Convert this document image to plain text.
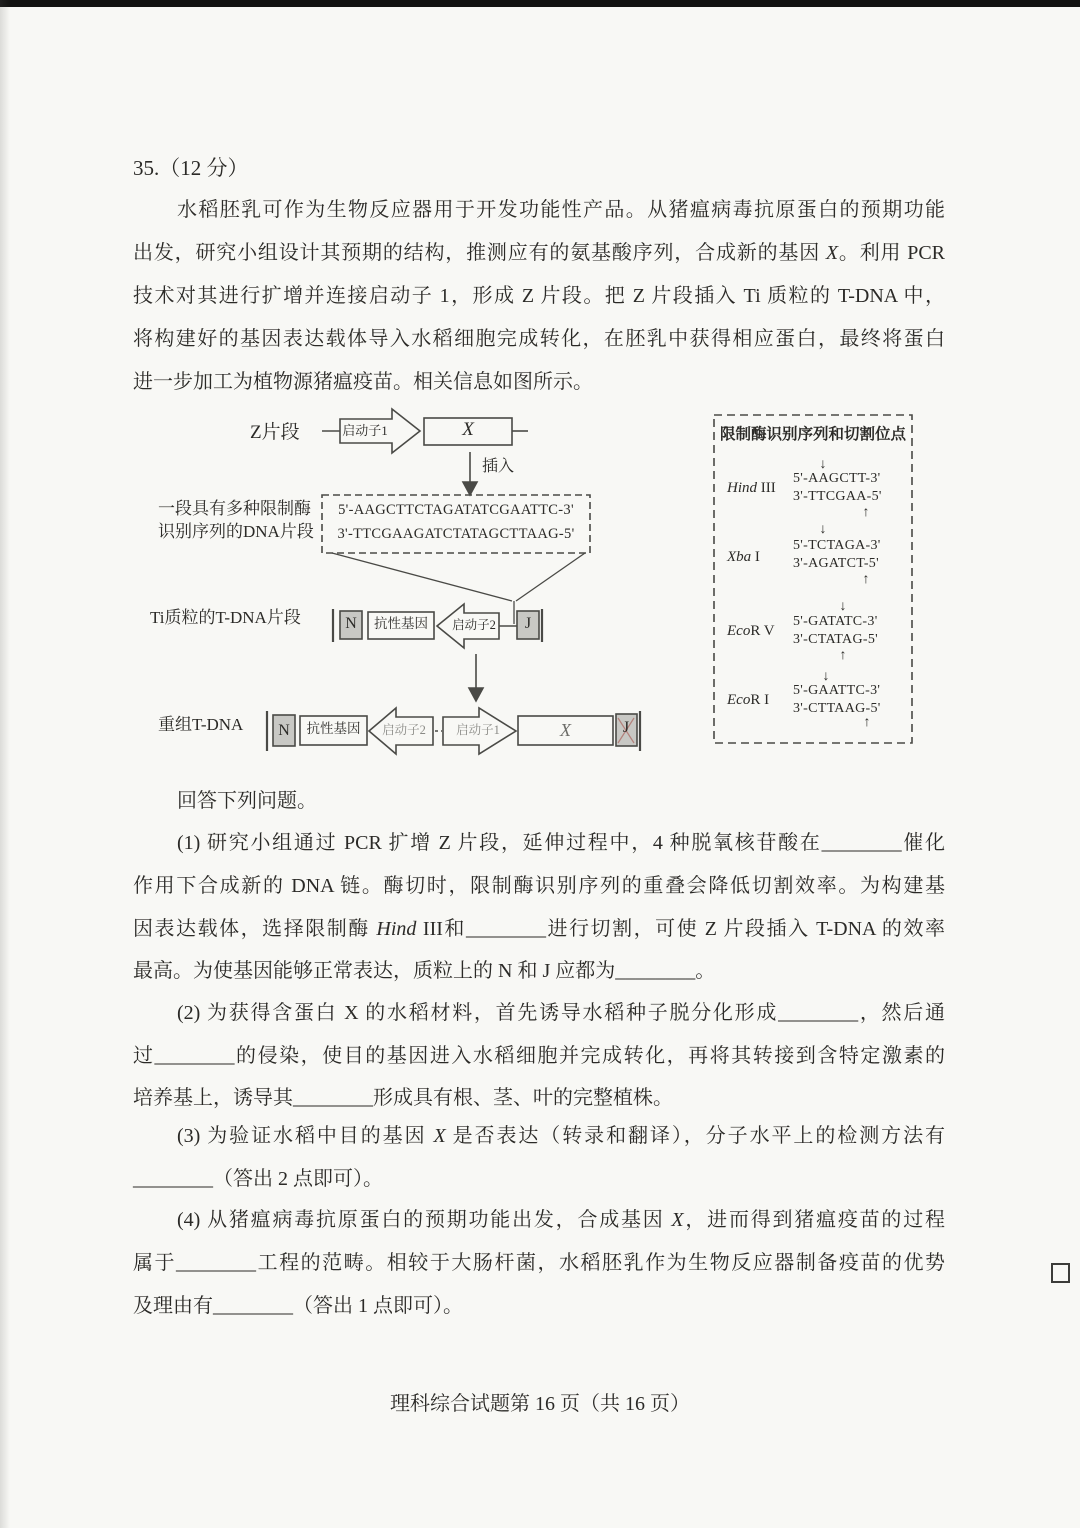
35.（12 分）
水稻胚乳可作为生物反应器用于开发功能性产品。从猪瘟病毒抗原蛋白的预期功能
出发，研究小组设计其预期的结构，推测应有的氨基酸序列，合成新的基因 X。利用 PCR
技术对其进行扩增并连接启动子 1，形成 Z 片段。把 Z 片段插入 Ti 质粒的 T-DNA 中，
将构建好的基因表达载体导入水稻细胞完成转化，在胚乳中获得相应蛋白，最终将蛋白
进一步加工为植物源猪瘟疫苗。相关信息如图所示。
Z片段	启动子1	X
插入
一段具有多种限制酶
识别序列的DNA片段
5'-AAGCTTCTAGATATCGAATTC-3'
3'-TTCGAAGATCTATAGCTTAAG-5'
Ti质粒的T-DNA片段	N	抗性基因	启动子2	J
重组T-DNA	N	抗性基因	启动子2	启动子1	X	J
限制酶识别序列和切割位点
↓
Hind III
5'-AAGCTT-3'
3'-TTCGAA-5'
↑
↓
Xba I
5'-TCTAGA-3'
3'-AGATCT-5'
↑
↓
EcoR V
5'-GATATC-3'
3'-CTATAG-5'
↑
↓
EcoR I
5'-GAATTC-3'
3'-CTTAAG-5'
↑
回答下列问题。
(1) 研究小组通过 PCR 扩增 Z 片段，延伸过程中，4 种脱氧核苷酸在________催化
作用下合成新的 DNA 链。酶切时，限制酶识别序列的重叠会降低切割效率。为构建基
因表达载体，选择限制酶 Hind III和________进行切割，可使 Z 片段插入 T-DNA 的效率
最高。为使基因能够正常表达，质粒上的 N 和 J 应都为________。
(2) 为获得含蛋白 X 的水稻材料，首先诱导水稻种子脱分化形成________，然后通
过________的侵染，使目的基因进入水稻细胞并完成转化，再将其转接到含特定激素的
培养基上，诱导其________形成具有根、茎、叶的完整植株。
(3) 为验证水稻中目的基因 X 是否表达（转录和翻译），分子水平上的检测方法有
________（答出 2 点即可）。
(4) 从猪瘟病毒抗原蛋白的预期功能出发，合成基因 X，进而得到猪瘟疫苗的过程
属于________工程的范畴。相较于大肠杆菌，水稻胚乳作为生物反应器制备疫苗的优势
及理由有________（答出 1 点即可）。
理科综合试题第 16 页（共 16 页）
